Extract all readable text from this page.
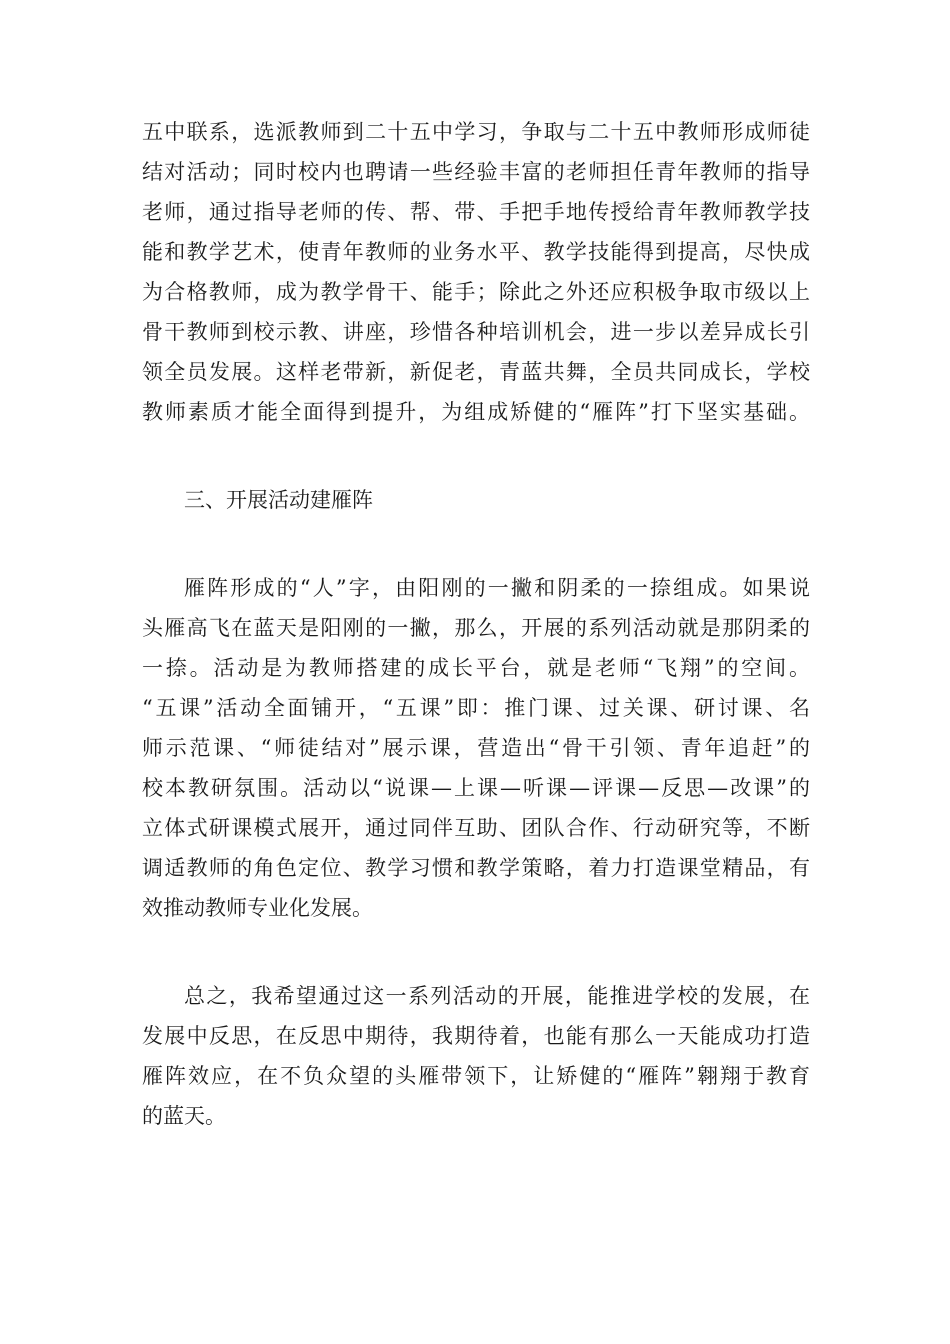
五中联系，选派教师到二十五中学习，争取与二十五中教师形成师徒
结对活动；同时校内也聘请一些经验丰富的老师担任青年教师的指导
老师，通过指导老师的传、帮、带、手把手地传授给青年教师教学技
能和教学艺术，使青年教师的业务水平、教学技能得到提高，尽快成
为合格教师，成为教学骨干、能手；除此之外还应积极争取市级以上
骨干教师到校示教、讲座，珍惜各种培训机会，进一步以差异成长引
领全员发展。这样老带新，新促老，青蓝共舞，全员共同成长，学校
教师素质才能全面得到提升，为组成矫健的“雁阵”打下坚实基础。
三、开展活动建雁阵
雁阵形成的“人”字，由阳刚的一撇和阴柔的一捺组成。如果说
头雁高飞在蓝天是阳刚的一撇，那么，开展的系列活动就是那阴柔的
一捺。活动是为教师搭建的成长平台，就是老师“飞翔”的空间。
“五课”活动全面铺开，“五课”即：推门课、过关课、研讨课、名
师示范课、“师徒结对”展示课，营造出“骨干引领、青年追赶”的
校本教研氛围。活动以“说课—上课—听课—评课—反思—改课”的
立体式研课模式展开，通过同伴互助、团队合作、行动研究等，不断
调适教师的角色定位、教学习惯和教学策略，着力打造课堂精品，有
效推动教师专业化发展。
总之，我希望通过这一系列活动的开展，能推进学校的发展，在
发展中反思，在反思中期待，我期待着，也能有那么一天能成功打造
雁阵效应，在不负众望的头雁带领下，让矫健的“雁阵”翱翔于教育
的蓝天。
